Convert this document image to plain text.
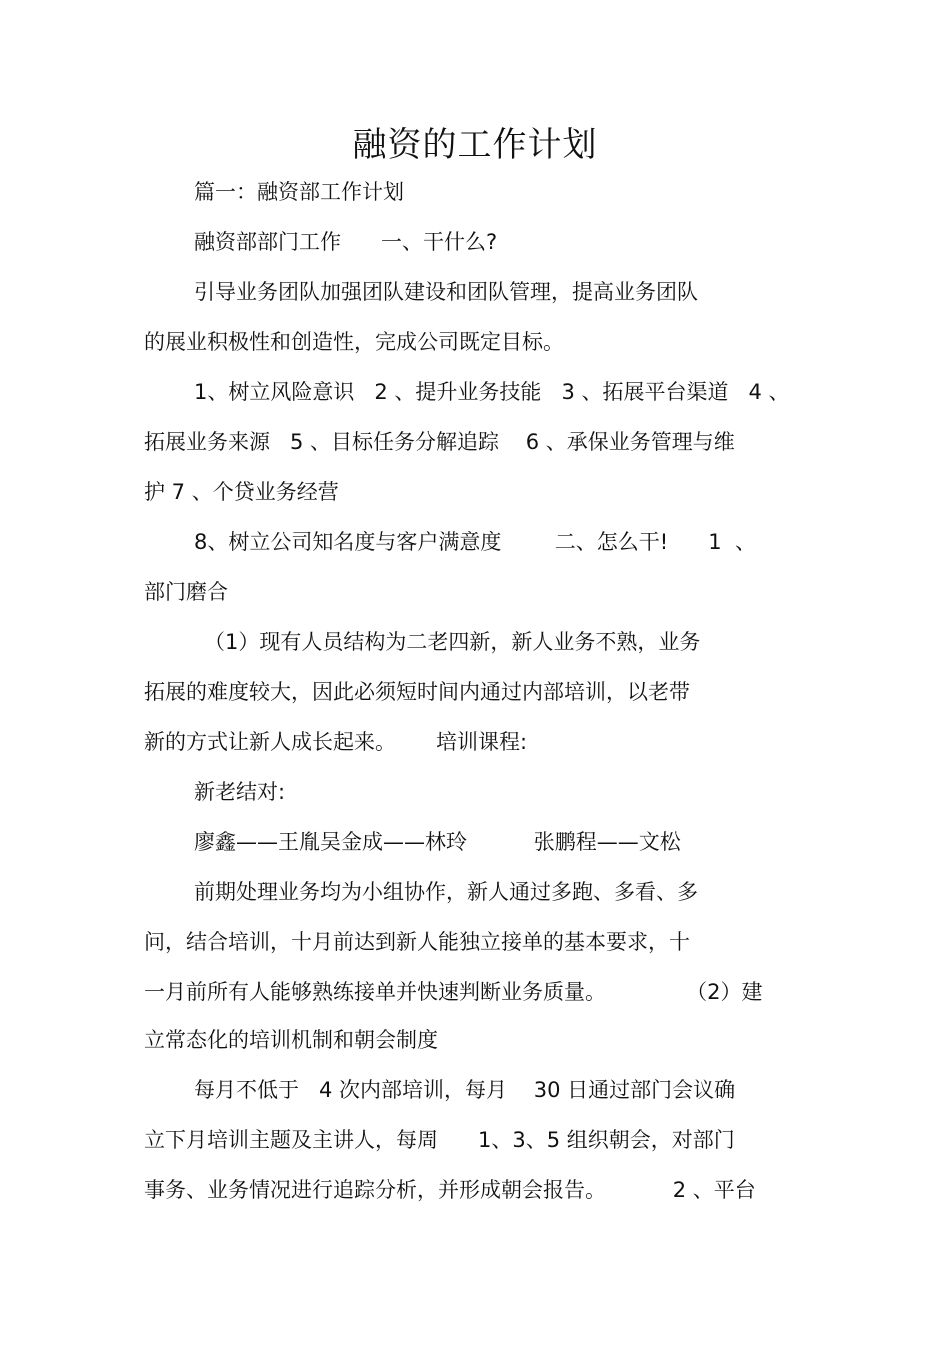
融资的工作计划
篇一：融资部工作计划
融资部部门工作      一、干什么?
引导业务团队加强团队建设和团队管理，提高业务团队
的展业积极性和创造性，完成公司既定目标。
1、树立风险意识   2 、提升业务技能   3 、拓展平台渠道   4 、
拓展业务来源   5 、目标任务分解追踪    6 、承保业务管理与维
护 7 、个贷业务经营
8、树立公司知名度与客户满意度        二、怎么干!      1  、
部门磨合
（1）现有人员结构为二老四新，新人业务不熟，业务
拓展的难度较大，因此必须短时间内通过内部培训，以老带
新的方式让新人成长起来。      培训课程:
新老结对:
廖鑫——王胤吴金成——林玲          张鹏程——文松
前期处理业务均为小组协作，新人通过多跑、多看、多
问，结合培训，十月前达到新人能独立接单的基本要求，十
一月前所有人能够熟练接单并快速判断业务质量。            （2）建
立常态化的培训机制和朝会制度
每月不低于   4 次内部培训，每月    30 日通过部门会议确
立下月培训主题及主讲人，每周      1、3、5 组织朝会，对部门
事务、业务情况进行追踪分析，并形成朝会报告。          2 、平台
